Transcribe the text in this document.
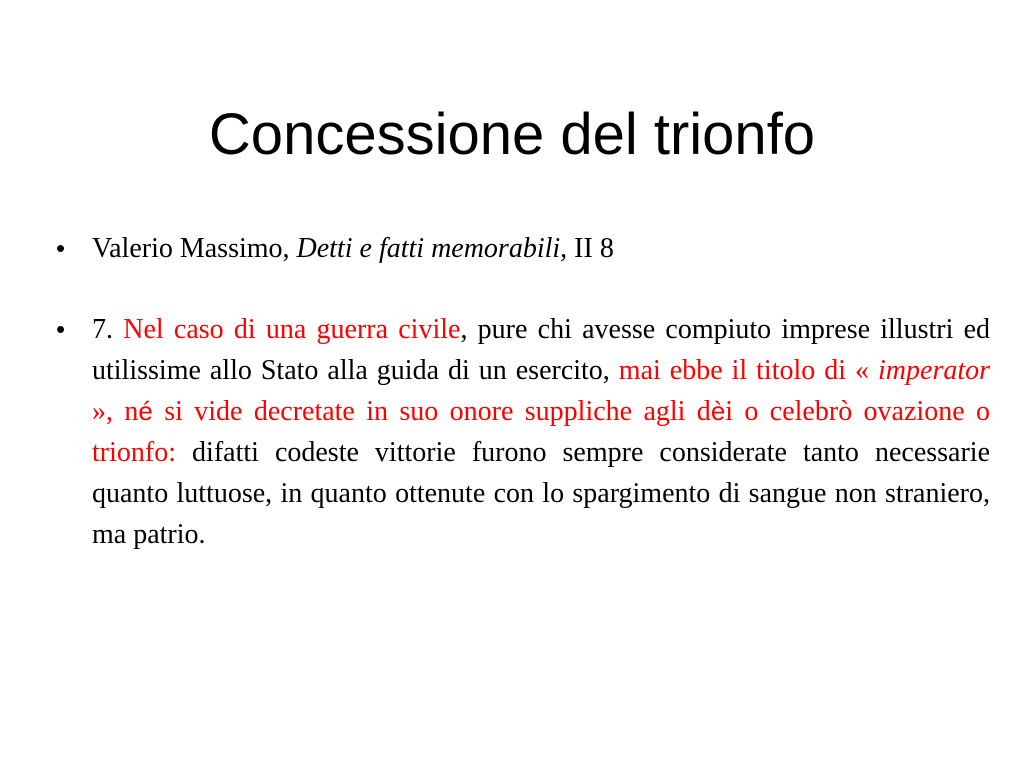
Concessione del trionfo
• Valerio Massimo, Detti e fatti memorabili, II 8
• 7. Nel caso di una guerra civile, pure chi avesse compiuto imprese illustri ed utilissime allo Stato alla guida di un esercito, mai ebbe il titolo di « imperator », né si vide decretate in suo onore suppliche agli dèi o celebrò ovazione o trionfo: difatti codeste vittorie furono sempre considerate tanto necessarie quanto luttuose, in quanto ottenute con lo spargimento di sangue non straniero, ma patrio.
